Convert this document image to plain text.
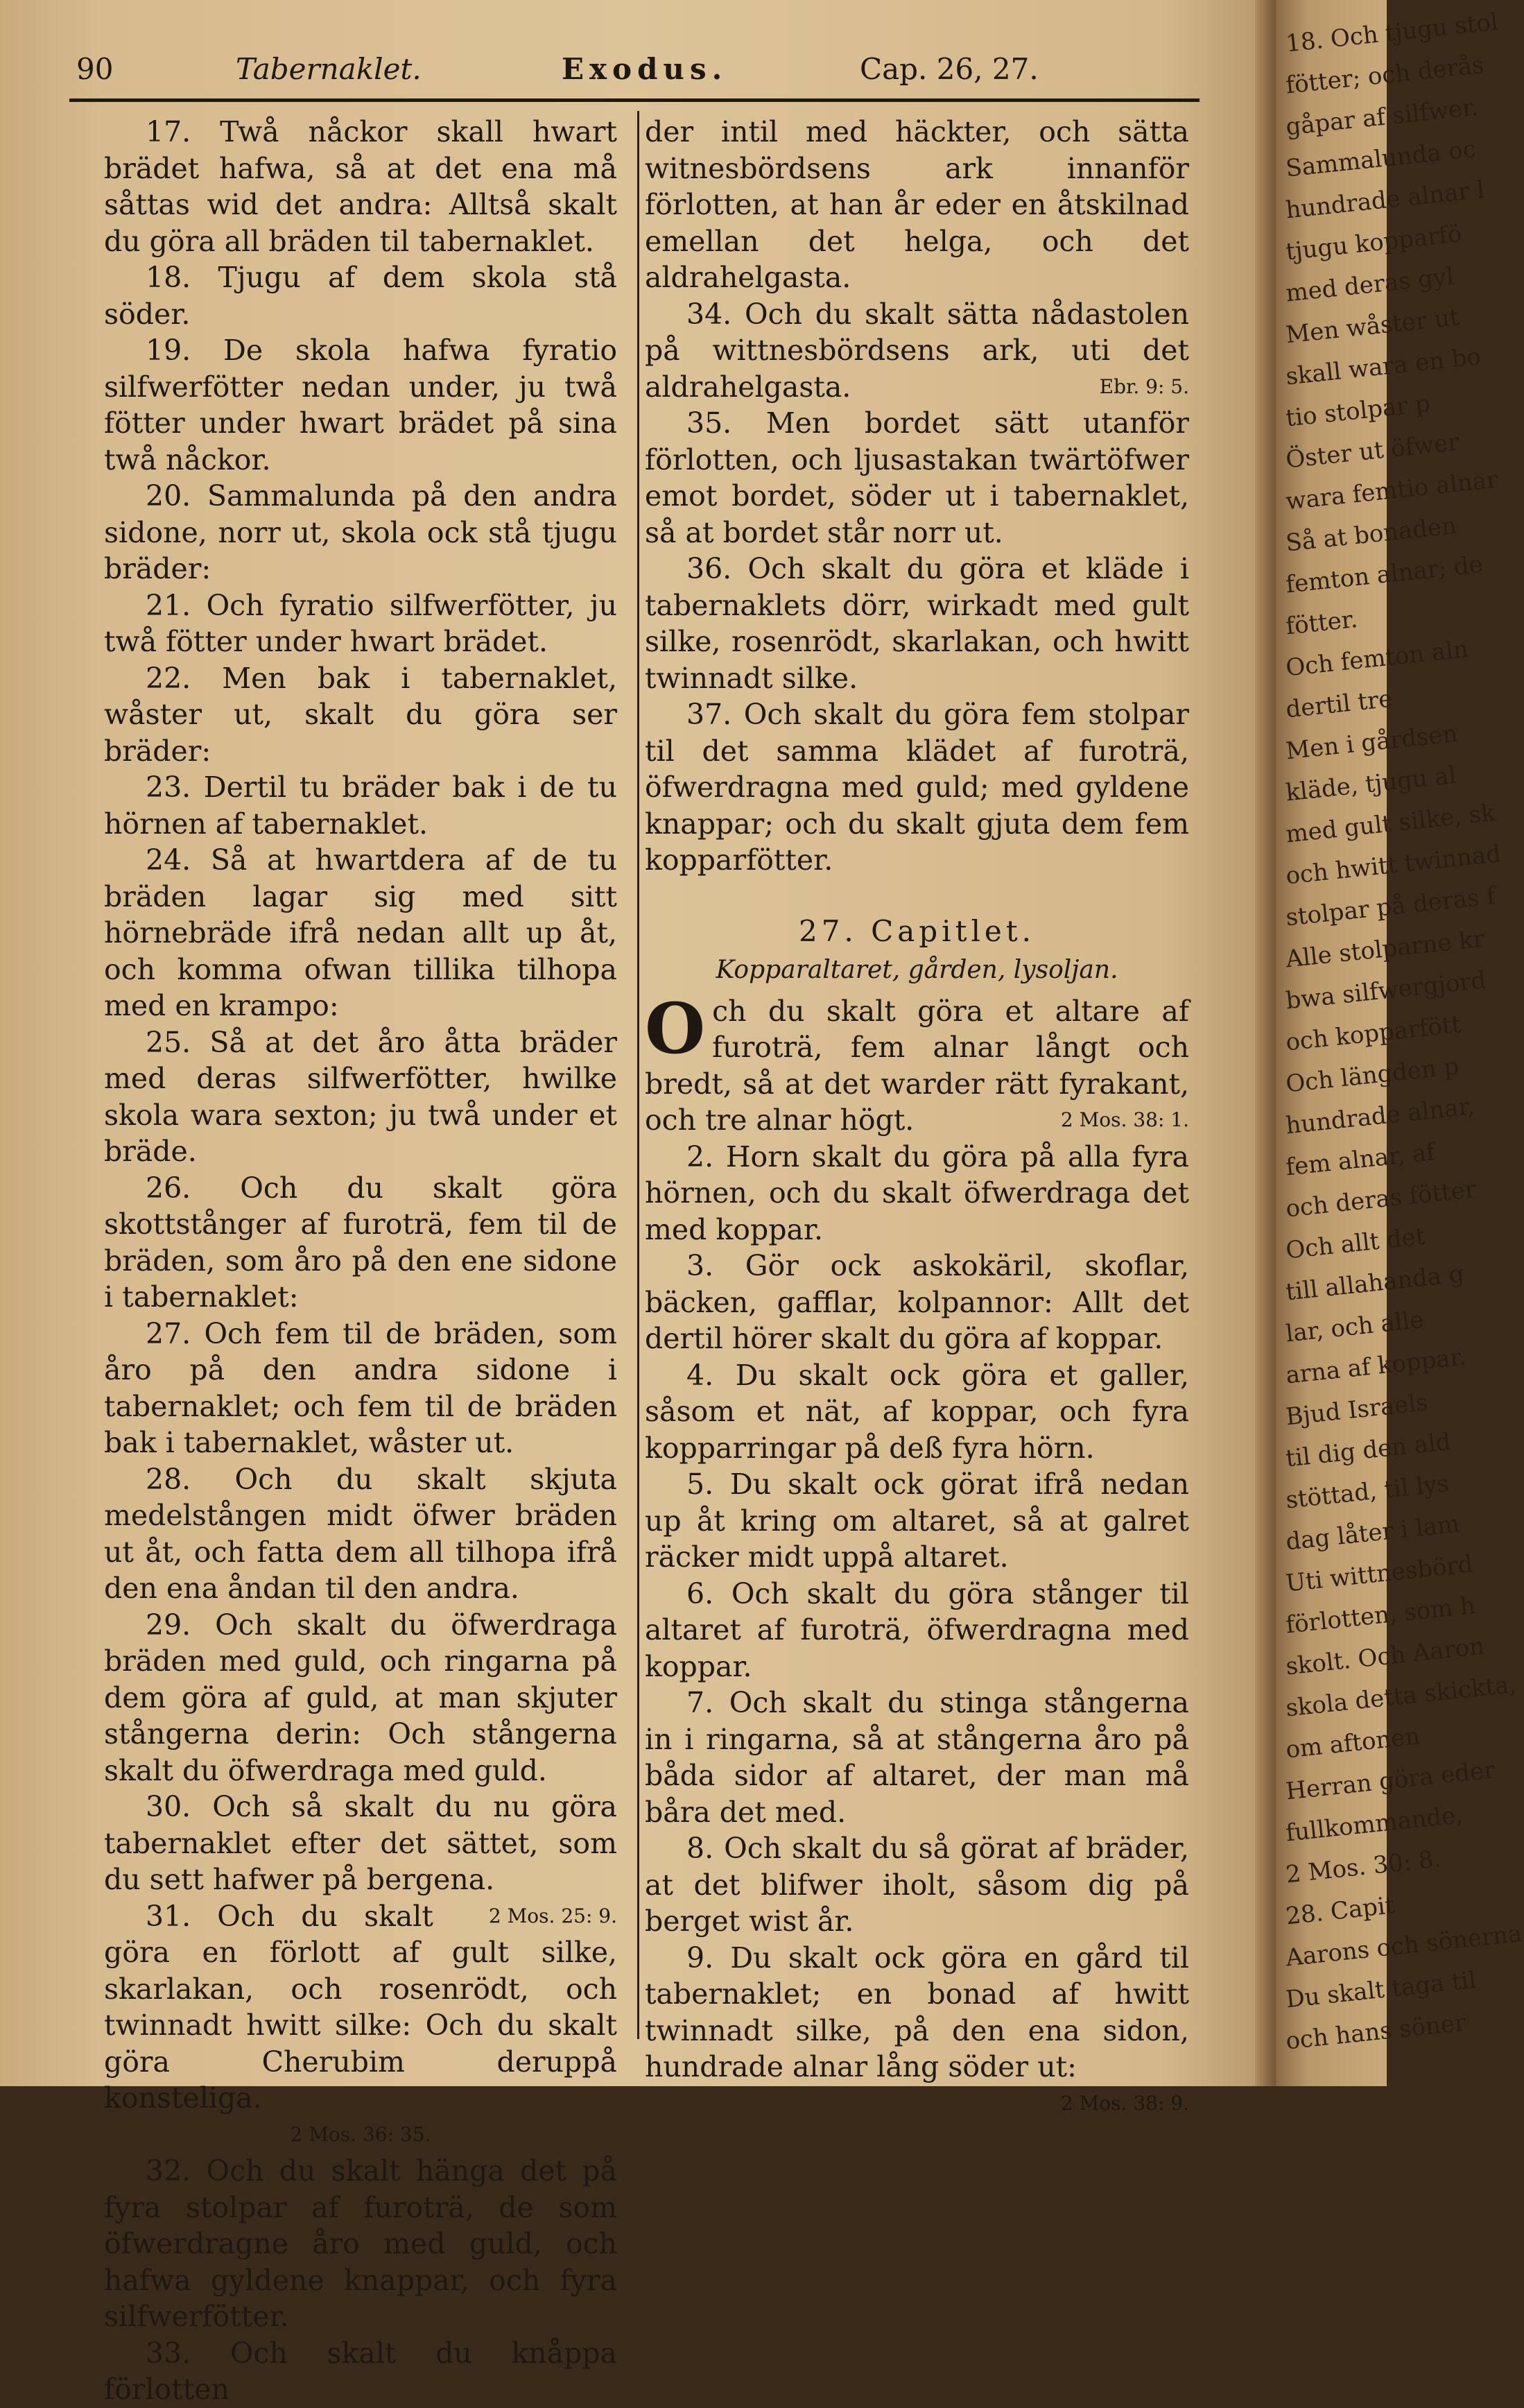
90	Tabernaklet.	Exodus.	Cap. 26, 27.

17. Twå nåckor skall hwart brädet hafwa, så at det ena må såttas wid det andra: Alltså skalt du göra all bräden til tabernaklet.

18. Tjugu af dem skola stå söder.

19. De skola hafwa fyratio silfwerfötter nedan under, ju twå fötter under hwart brädet på sina twå nåckor.

20. Sammalunda på den andra sidone, norr ut, skola ock stå tjugu bräder:

21. Och fyratio silfwerfötter, ju twå fötter under hwart brädet.

22. Men bak i tabernaklet, wåster ut, skalt du göra ser bräder:

23. Dertil tu bräder bak i de tu hörnen af tabernaklet.

24. Så at hwartdera af de tu bräden lagar sig med sitt hörnebräde ifrå nedan allt up åt, och komma ofwan tillika tilhopa med en krampo:

25. Så at det åro åtta bräder med deras silfwerfötter, hwilke skola wara sexton; ju twå under et bräde.

26. Och du skalt göra skottstånger af furoträ, fem til de bräden, som åro på den ene sidone i tabernaklet:

27. Och fem til de bräden, som åro på den andra sidone i tabernaklet; och fem til de bräden bak i tabernaklet, wåster ut.

28. Och du skalt skjuta medelstången midt öfwer bräden ut åt, och fatta dem all tilhopa ifrå den ena åndan til den andra.

29. Och skalt du öfwerdraga bräden med guld, och ringarna på dem göra af guld, at man skjuter stångerna derin: Och stångerna skalt du öfwerdraga med guld.

30. Och så skalt du nu göra tabernaklet efter det sättet, som du sett hafwer på bergena.
2 Mos. 25: 9.

31. Och du skalt göra en förlott af gult silke, skarlakan, och rosenrödt, och twinnadt hwitt silke: Och du skalt göra Cherubim deruppå konsteliga.

2 Mos. 36: 35.

32. Och du skalt hänga det på fyra stolpar af furoträ, de som öfwerdragne åro med guld, och hafwa gyldene knappar, och fyra silfwerfötter.

33. Och skalt du knåppa förlotten

der intil med häckter, och sätta witnesbördsens ark innanför förlotten, at han år eder en åtskilnad emellan det helga, och det aldrahelgasta.

34. Och du skalt sätta nådastolen på wittnesbördsens ark, uti det aldrahelgasta.	Ebr. 9: 5.

35. Men bordet sätt utanför förlotten, och ljusastakan twärtöfwer emot bordet, söder ut i tabernaklet, så at bordet står norr ut.

36. Och skalt du göra et kläde i tabernaklets dörr, wirkadt med gult silke, rosenrödt, skarlakan, och hwitt twinnadt silke.

37. Och skalt du göra fem stolpar til det samma klädet af furoträ, öfwerdragna med guld; med gyldene knappar; och du skalt gjuta dem fem kopparfötter.

27. Capitlet.

Kopparaltaret, gården, lysoljan.

Och du skalt göra et altare af furoträ, fem alnar långt och bredt, så at det warder rätt fyrakant, och tre alnar högt.	2 Mos. 38: 1.

2. Horn skalt du göra på alla fyra hörnen, och du skalt öfwerdraga det med koppar.

3. Gör ock askokäril, skoflar, bäcken, gafflar, kolpannor: Allt det dertil hörer skalt du göra af koppar.

4. Du skalt ock göra et galler, såsom et nät, af koppar, och fyra kopparringar på deß fyra hörn.

5. Du skalt ock görat ifrå nedan up åt kring om altaret, så at galret räcker midt uppå altaret.

6. Och skalt du göra stånger til altaret af furoträ, öfwerdragna med koppar.

7. Och skalt du stinga stångerna in i ringarna, så at stångerna åro på båda sidor af altaret, der man må båra det med.

8. Och skalt du så görat af bräder, at det blifwer iholt, såsom dig på berget wist år.

9. Du skalt ock göra en gård til tabernaklet; en bonad af hwitt twinnadt silke, på den ena sidon, hundrade alnar lång söder ut:
2 Mos. 38: 9.

18. Och tjugu stol
fötter; och derås
gåpar af silfwer.
Sammalunda oc
hundrade alnar l
tjugu kopparfö
med deras gyl
Men wåster ut
skall wara en bo
tio stolpar p
Öster ut öfwer
wara femtio alnar
Så at bonaden
femton alnar; de
fötter.
Och femton aln
dertil tre
Men i gårdsen
kläde, tjugu al
med gult silke, sk
och hwitt twinnad
stolpar på deras f
Alle stolparne kr
bwa silfwergjord
och kopparfött
Och längden p
hundrade alnar,
fem alnar, af
och deras fötter
Och allt det
till allahanda g
lar, och alle
arna af koppar.
Bjud Israels
til dig den ald
stöttad, til lys
dag låter i lam
Uti wittnesbörd
förlotten, som h
skolt. Och Aaron
skola detta skickta,
om aftonen
Herran göra eder
fullkommande,
2 Mos. 30: 8.
28. Capit
Aarons och sönerna
Du skalt taga til
och hans söner
